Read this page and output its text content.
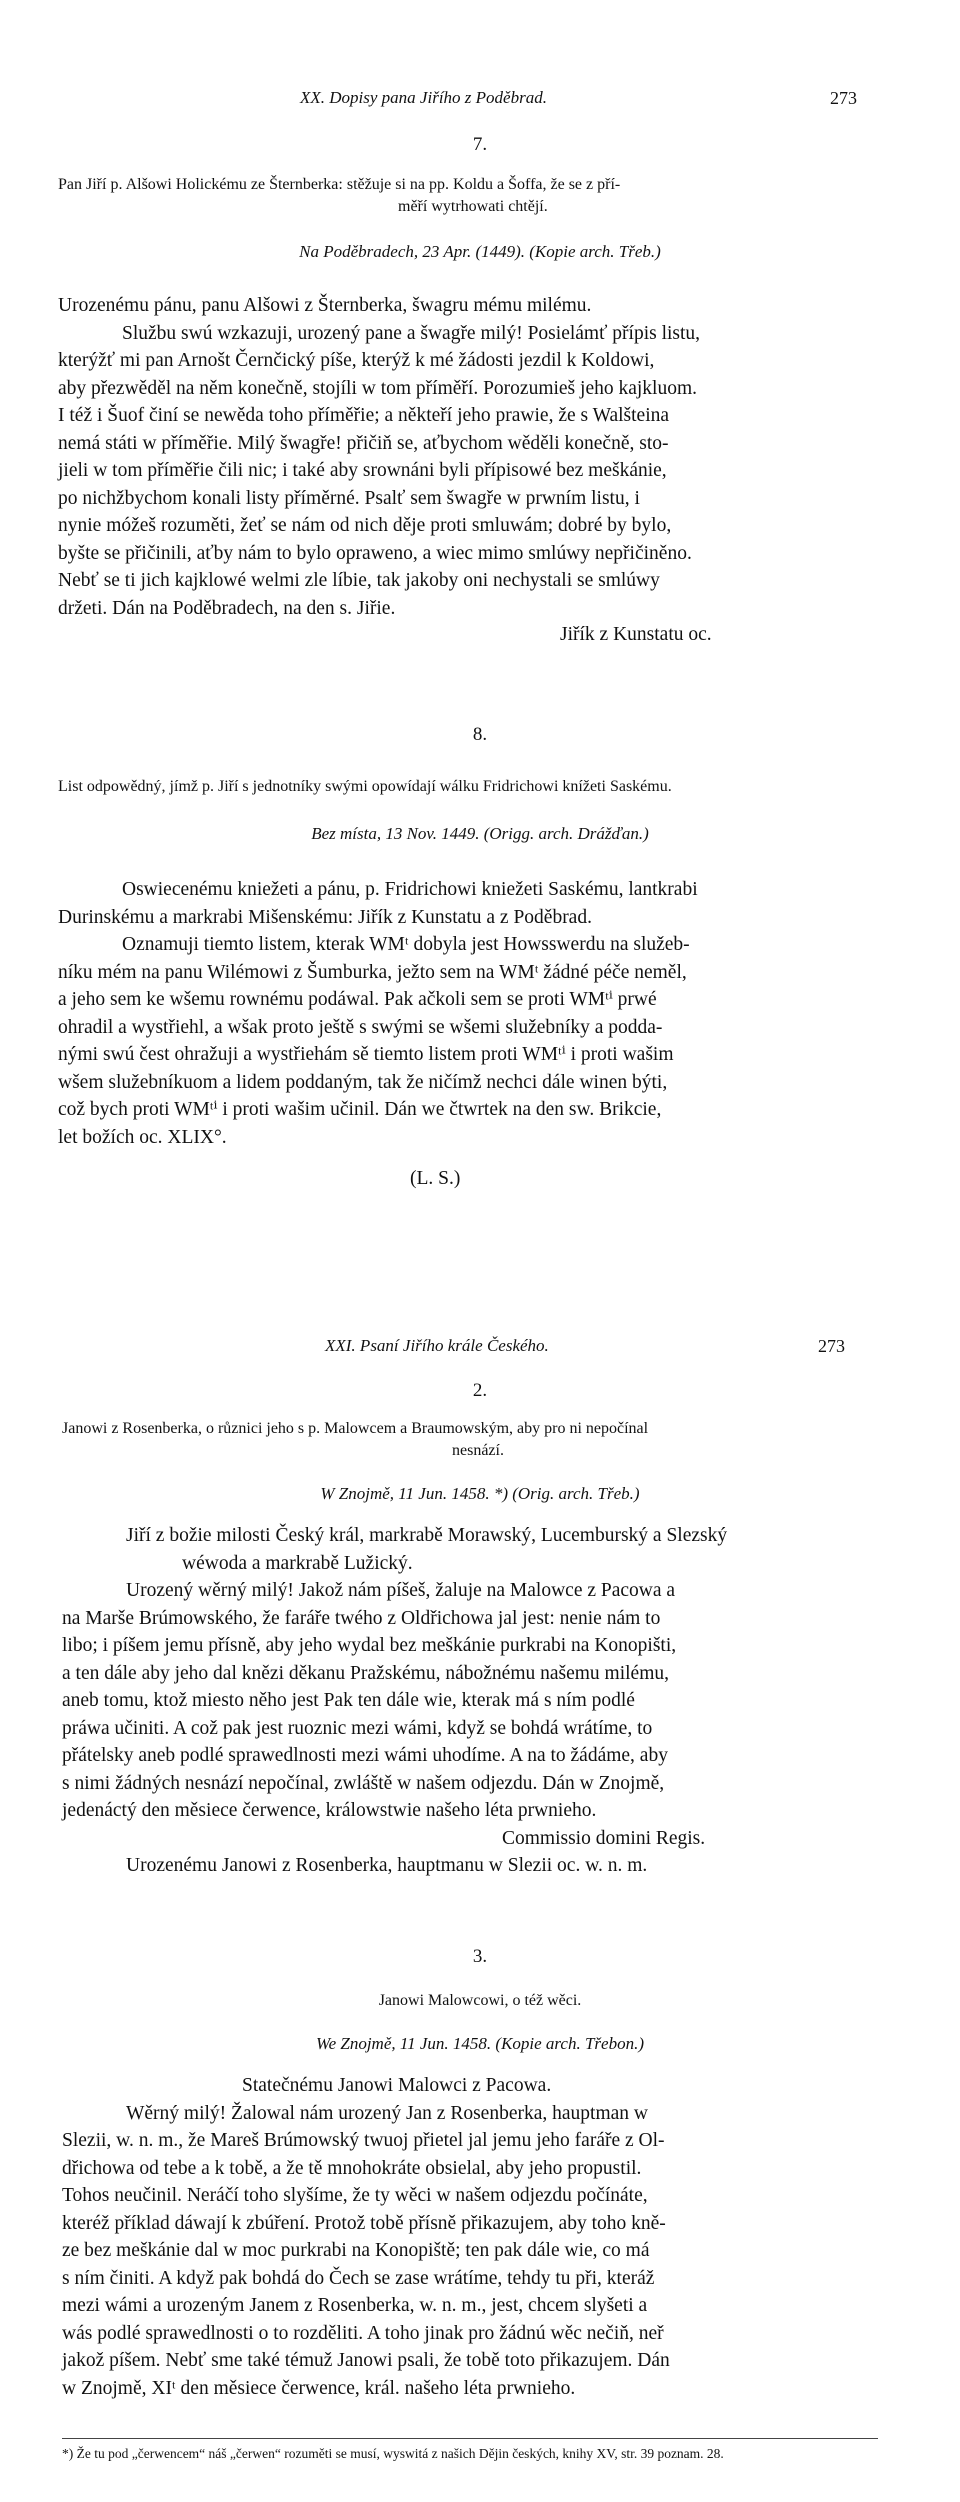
XX. Dopisy pana Jiřího z Poděbrad.	273
7.
Pan Jiří p. Alšowi Holickému ze Šternberka: stěžuje si na pp. Koldu a Šoffa, že se z pří-
měří wytrhowati chtějí.
Na Poděbradech, 23 Apr. (1449). (Kopie arch. Třeb.)

Urozenému pánu, panu Alšowi z Šternberka, šwagru mému milému.

Službu swú wzkazuji, urozený pane a šwagře milý! Posielámť přípis listu,

kterýžť mi pan Arnošt Černčický píše, kterýž k mé žádosti jezdil k Koldowi,

aby přezwěděl na něm konečně, stojíli w tom příměří. Porozumieš jeho kajkluom.

I též i Šuof činí se newěda toho příměřie; a někteří jeho prawie, že s Walšteina

nemá státi w příměřie. Milý šwagře! přičiň se, aťbychom wěděli konečně, sto-

jieli w tom příměřie čili nic; i také aby srownáni byli přípisowé bez meškánie,

po nichžbychom konali listy příměrné. Psalť sem šwagře w prwním listu, i

nynie móžeš rozuměti, žeť se nám od nich děje proti smluwám; dobré by bylo,

byšte se přičinili, aťby nám to bylo opraweno, a wiec mimo smlúwy nepřičiněno.

Nebť se ti jich kajklowé welmi zle líbie, tak jakoby oni nechystali se smlúwy

držeti. Dán na Poděbradech, na den s. Jiřie.

Jiřík z Kunstatu oc.
8.
List odpowědný, jímž p. Jiří s jednotníky swými opowídají wálku Fridrichowi knížeti Saskému.
Bez místa, 13 Nov. 1449. (Origg. arch. Drážďan.)

Oswiecenému kniežeti a pánu, p. Fridrichowi kniežeti Saskému, lantkrabi

Durinskému a markrabi Mišenskému: Jiřík z Kunstatu a z Poděbrad.

Oznamuji tiemto listem, kterak WMᵗ dobyla jest Howsswerdu na služeb-

níku mém na panu Wilémowi z Šumburka, ježto sem na WMᵗ žádné péče neměl,

a jeho sem ke wšemu rownému podáwal. Pak ačkoli sem se proti WMᵗⁱ prwé

ohradil a wystřiehl, a wšak proto ještě s swými se wšemi služebníky a podda-

nými swú čest ohražuji a wystřiehám sě tiemto listem proti WMᵗⁱ i proti wašim

wšem služebníkuom a lidem poddaným, tak že ničímž nechci dále winen býti,

což bych proti WMᵗⁱ i proti wašim učinil. Dán we čtwrtek na den sw. Brikcie,

let božích oc. XLIX°.

(L. S.)
XXI. Psaní Jiřího krále Českého.	273
2.
Janowi z Rosenberka, o různici jeho s p. Malowcem a Braumowským, aby pro ni nepočínal
nesnází.
W Znojmě, 11 Jun. 1458. *) (Orig. arch. Třeb.)

Jiří z božie milosti Český král, markrabě Morawský, Lucemburský a Slezský

wéwoda a markrabě Lužický.

Urozený wěrný milý! Jakož nám píšeš, žaluje na Malowce z Pacowa a

na Marše Brúmowského, že faráře twého z Oldřichowa jal jest: nenie nám to

libo; i píšem jemu přísně, aby jeho wydal bez meškánie purkrabi na Konopišti,

a ten dále aby jeho dal knězi děkanu Pražskému, nábožnému našemu milému,

aneb tomu, ktož miesto něho jest Pak ten dále wie, kterak má s ním podlé

práwa učiniti. A což pak jest ruoznic mezi wámi, když se bohdá wrátíme, to

přátelsky aneb podlé sprawedlnosti mezi wámi uhodíme. A na to žádáme, aby

s nimi žádných nesnází nepočínal, zwláště w našem odjezdu. Dán w Znojmě,

jedenáctý den měsiece čerwence, králowstwie našeho léta prwnieho.

Commissio domini Regis.

Urozenému Janowi z Rosenberka, hauptmanu w Slezii oc. w. n. m.

3.
Janowi Malowcowi, o též wěci.
We Znojmě, 11 Jun. 1458. (Kopie arch. Třebon.)

Statečnému Janowi Malowci z Pacowa.

Wěrný milý! Žalowal nám urozený Jan z Rosenberka, hauptman w

Slezii, w. n. m., že Mareš Brúmowský twuoj přietel jal jemu jeho faráře z Ol-

dřichowa od tebe a k tobě, a že tě mnohokráte obsielal, aby jeho propustil.

Tohos neučinil. Neráčí toho slyšíme, že ty wěci w našem odjezdu počínáte,

kteréž příklad dáwají k zbúření. Protož tobě přísně přikazujem, aby toho kně-

ze bez meškánie dal w moc purkrabi na Konopiště; ten pak dále wie, co má

s ním činiti. A když pak bohdá do Čech se zase wrátíme, tehdy tu při, kteráž

mezi wámi a urozeným Janem z Rosenberka, w. n. m., jest, chcem slyšeti a

wás podlé sprawedlnosti o to rozděliti. A toho jinak pro žádnú wěc nečiň, neř

jakož píšem. Nebť sme také témuž Janowi psali, že tobě toto přikazujem. Dán

w Znojmě, XIᵗ den měsiece čerwence, král. našeho léta prwnieho.

*) Že tu pod „čerwencem“ náš „čerwen“ rozuměti se musí, wyswitá z našich Dějin českých, knihy XV, str. 39 poznam. 28.
